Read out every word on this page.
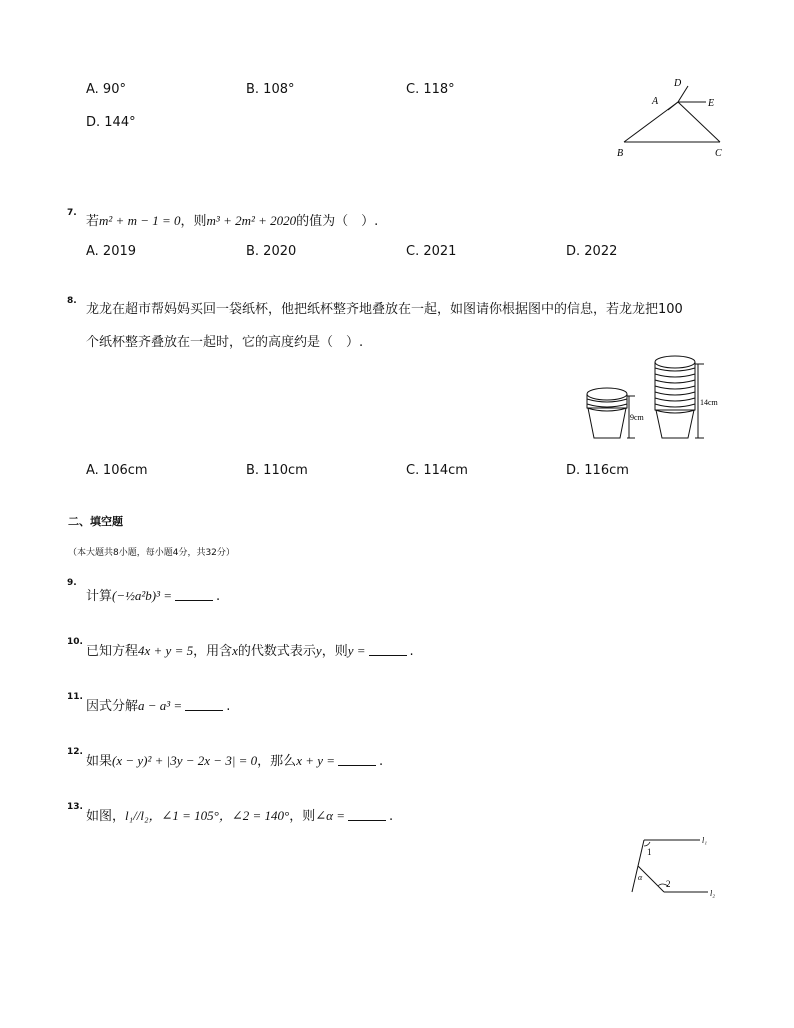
A. 90°	B. 108°	C. 118°
D. 144°
D
A	E
B	C
7.
若m² + m − 1 = 0，则m³ + 2m² + 2020的值为（　）.
A. 2019	B. 2020	C. 2021	D. 2022
8.
龙龙在超市帮妈妈买回一袋纸杯，他把纸杯整齐地叠放在一起，如图请你根据图中的信息，若龙龙把100
个纸杯整齐叠放在一起时，它的高度约是（　）.
9cm
14cm
A. 106cm	B. 110cm	C. 114cm	D. 116cm
二、填空题
（本大题共8小题，每小题4分，共32分）
9.
计算(−½a²b)³ =	.
10.
已知方程4x + y = 5，用含x的代数式表示y，则y =	.
11.
因式分解a − a³ =	.
12.
如果(x − y)² + |3y − 2x − 3| = 0，那么x + y =	.
13.
如图，l₁//l₂，∠1 = 105°，∠2 = 140°，则∠α =	.
l₁
1
α
2
l₂
